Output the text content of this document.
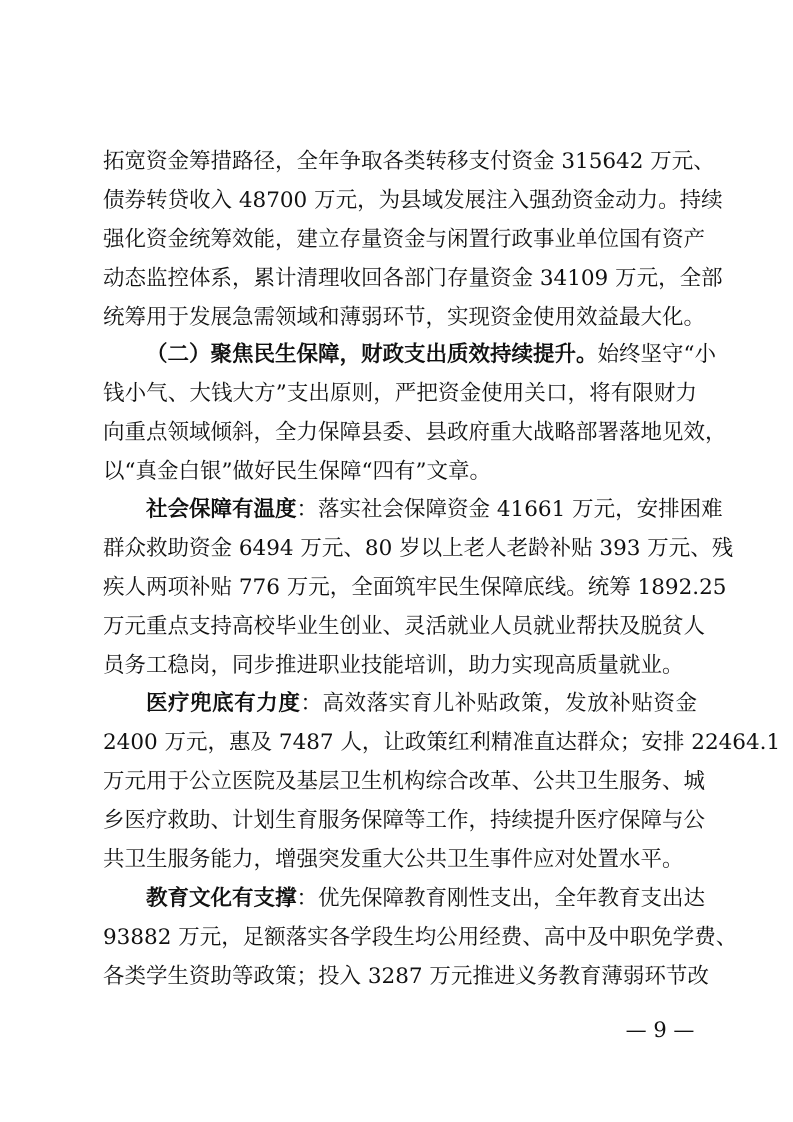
拓宽资金筹措路径，全年争取各类转移支付资金 315642 万元、
债券转贷收入 48700 万元，为县域发展注入强劲资金动力。持续
强化资金统筹效能，建立存量资金与闲置行政事业单位国有资产
动态监控体系，累计清理收回各部门存量资金 34109 万元，全部
统筹用于发展急需领域和薄弱环节，实现资金使用效益最大化。
（二）聚焦民生保障，财政支出质效持续提升。始终坚守“小
钱小气、大钱大方”支出原则，严把资金使用关口，将有限财力
向重点领域倾斜，全力保障县委、县政府重大战略部署落地见效，
以“真金白银”做好民生保障“四有”文章。
社会保障有温度：落实社会保障资金 41661 万元，安排困难
群众救助资金 6494 万元、80 岁以上老人老龄补贴 393 万元、残
疾人两项补贴 776 万元，全面筑牢民生保障底线。统筹 1892.25
万元重点支持高校毕业生创业、灵活就业人员就业帮扶及脱贫人
员务工稳岗，同步推进职业技能培训，助力实现高质量就业。
医疗兜底有力度：高效落实育儿补贴政策，发放补贴资金
2400 万元，惠及 7487 人，让政策红利精准直达群众；安排 22464.1
万元用于公立医院及基层卫生机构综合改革、公共卫生服务、城
乡医疗救助、计划生育服务保障等工作，持续提升医疗保障与公
共卫生服务能力，增强突发重大公共卫生事件应对处置水平。
教育文化有支撑：优先保障教育刚性支出，全年教育支出达
93882 万元，足额落实各学段生均公用经费、高中及中职免学费、
各类学生资助等政策；投入 3287 万元推进义务教育薄弱环节改
— 9 —
